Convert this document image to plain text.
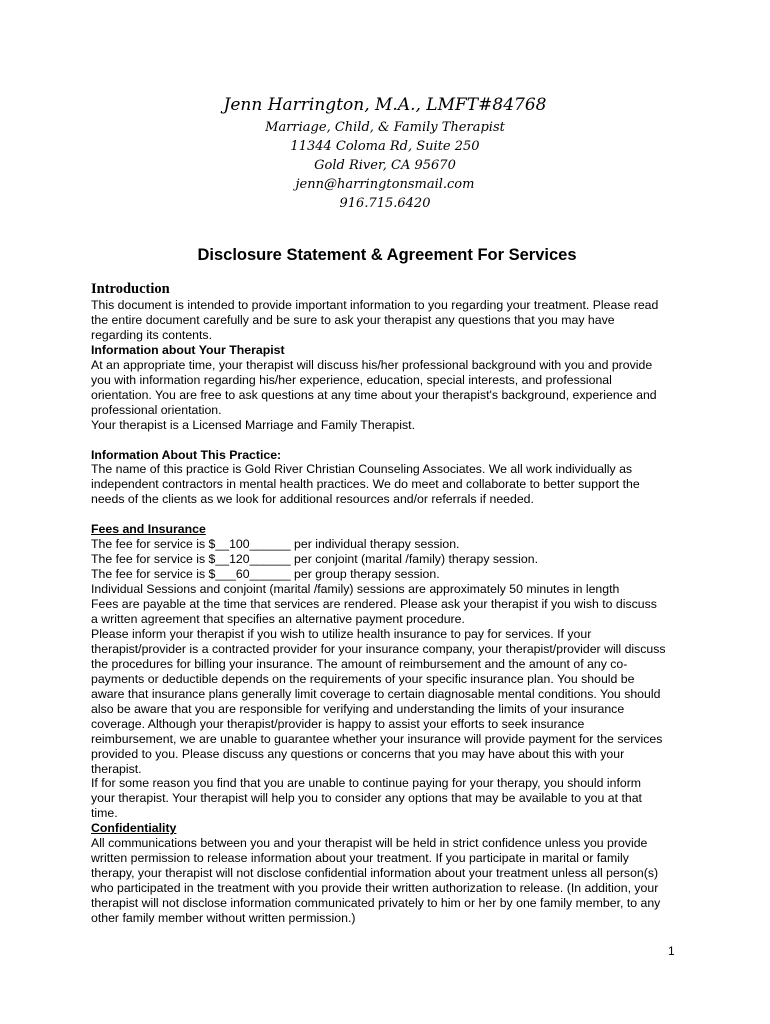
Jenn Harrington, M.A., LMFT#84768

Marriage, Child, & Family Therapist

11344 Coloma Rd, Suite 250

Gold River, CA 95670

jenn@harringtonsmail.com

916.715.6420

Disclosure Statement & Agreement For Services

Introduction

This document is intended to provide important information to you regarding your treatment. Please read

the entire document carefully and be sure to ask your therapist any questions that you may have

regarding its contents.

Information about Your Therapist

At an appropriate time, your therapist will discuss his/her professional background with you and provide

you with information regarding his/her experience, education, special interests, and professional

orientation. You are free to ask questions at any time about your therapist's background, experience and

professional orientation.

Your therapist is a Licensed Marriage and Family Therapist.

Information About This Practice:

The name of this practice is Gold River Christian Counseling Associates. We all work individually as

independent contractors in mental health practices. We do meet and collaborate to better support the

needs of the clients as we look for additional resources and/or referrals if needed.

Fees and Insurance

The fee for service is $__100______ per individual therapy session.

The fee for service is $__120______ per conjoint (marital /family) therapy session.

The fee for service is $___60______ per group therapy session.

Individual Sessions and conjoint (marital /family) sessions are approximately 50 minutes in length

Fees are payable at the time that services are rendered. Please ask your therapist if you wish to discuss

a written agreement that specifies an alternative payment procedure.

Please inform your therapist if you wish to utilize health insurance to pay for services. If your

therapist/provider is a contracted provider for your insurance company, your therapist/provider will discuss

the procedures for billing your insurance. The amount of reimbursement and the amount of any co-

payments or deductible depends on the requirements of your specific insurance plan. You should be

aware that insurance plans generally limit coverage to certain diagnosable mental conditions. You should

also be aware that you are responsible for verifying and understanding the limits of your insurance

coverage. Although your therapist/provider is happy to assist your efforts to seek insurance

reimbursement, we are unable to guarantee whether your insurance will provide payment for the services

provided to you. Please discuss any questions or concerns that you may have about this with your

therapist.

If for some reason you find that you are unable to continue paying for your therapy, you should inform

your therapist. Your therapist will help you to consider any options that may be available to you at that

time.

Confidentiality

All communications between you and your therapist will be held in strict confidence unless you provide

written permission to release information about your treatment. If you participate in marital or family

therapy, your therapist will not disclose confidential information about your treatment unless all person(s)

who participated in the treatment with you provide their written authorization to release. (In addition, your

therapist will not disclose information communicated privately to him or her by one family member, to any

other family member without written permission.)

1
